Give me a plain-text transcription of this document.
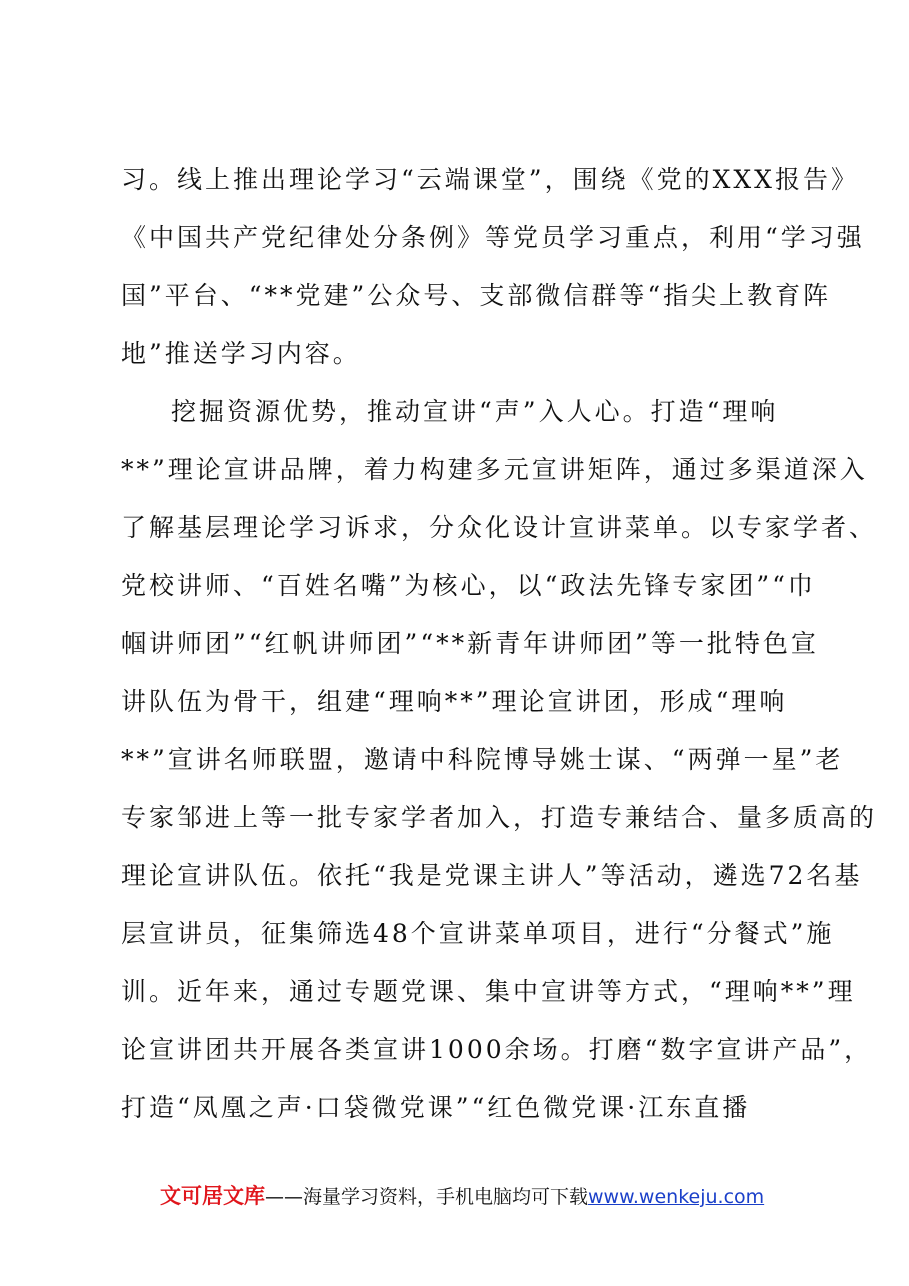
习。线上推出理论学习“云端课堂”，围绕《党的XXX报告》
《中国共产党纪律处分条例》等党员学习重点，利用“学习强
国”平台、“**党建”公众号、支部微信群等“指尖上教育阵
地”推送学习内容。
挖掘资源优势，推动宣讲“声”入人心。打造“理响
**”理论宣讲品牌，着力构建多元宣讲矩阵，通过多渠道深入
了解基层理论学习诉求，分众化设计宣讲菜单。以专家学者、
党校讲师、“百姓名嘴”为核心，以“政法先锋专家团”“巾
帼讲师团”“红帆讲师团”“**新青年讲师团”等一批特色宣
讲队伍为骨干，组建“理响**”理论宣讲团，形成“理响
**”宣讲名师联盟，邀请中科院博导姚士谋、“两弹一星”老
专家邹进上等一批专家学者加入，打造专兼结合、量多质高的
理论宣讲队伍。依托“我是党课主讲人”等活动，遴选72名基
层宣讲员，征集筛选48个宣讲菜单项目，进行“分餐式”施
训。近年来，通过专题党课、集中宣讲等方式，“理响**”理
论宣讲团共开展各类宣讲1000余场。打磨“数字宣讲产品”，
打造“凤凰之声·口袋微党课”“红色微党课·江东直播
文可居文库——海量学习资料，手机电脑均可下载www.wenkeju.com
